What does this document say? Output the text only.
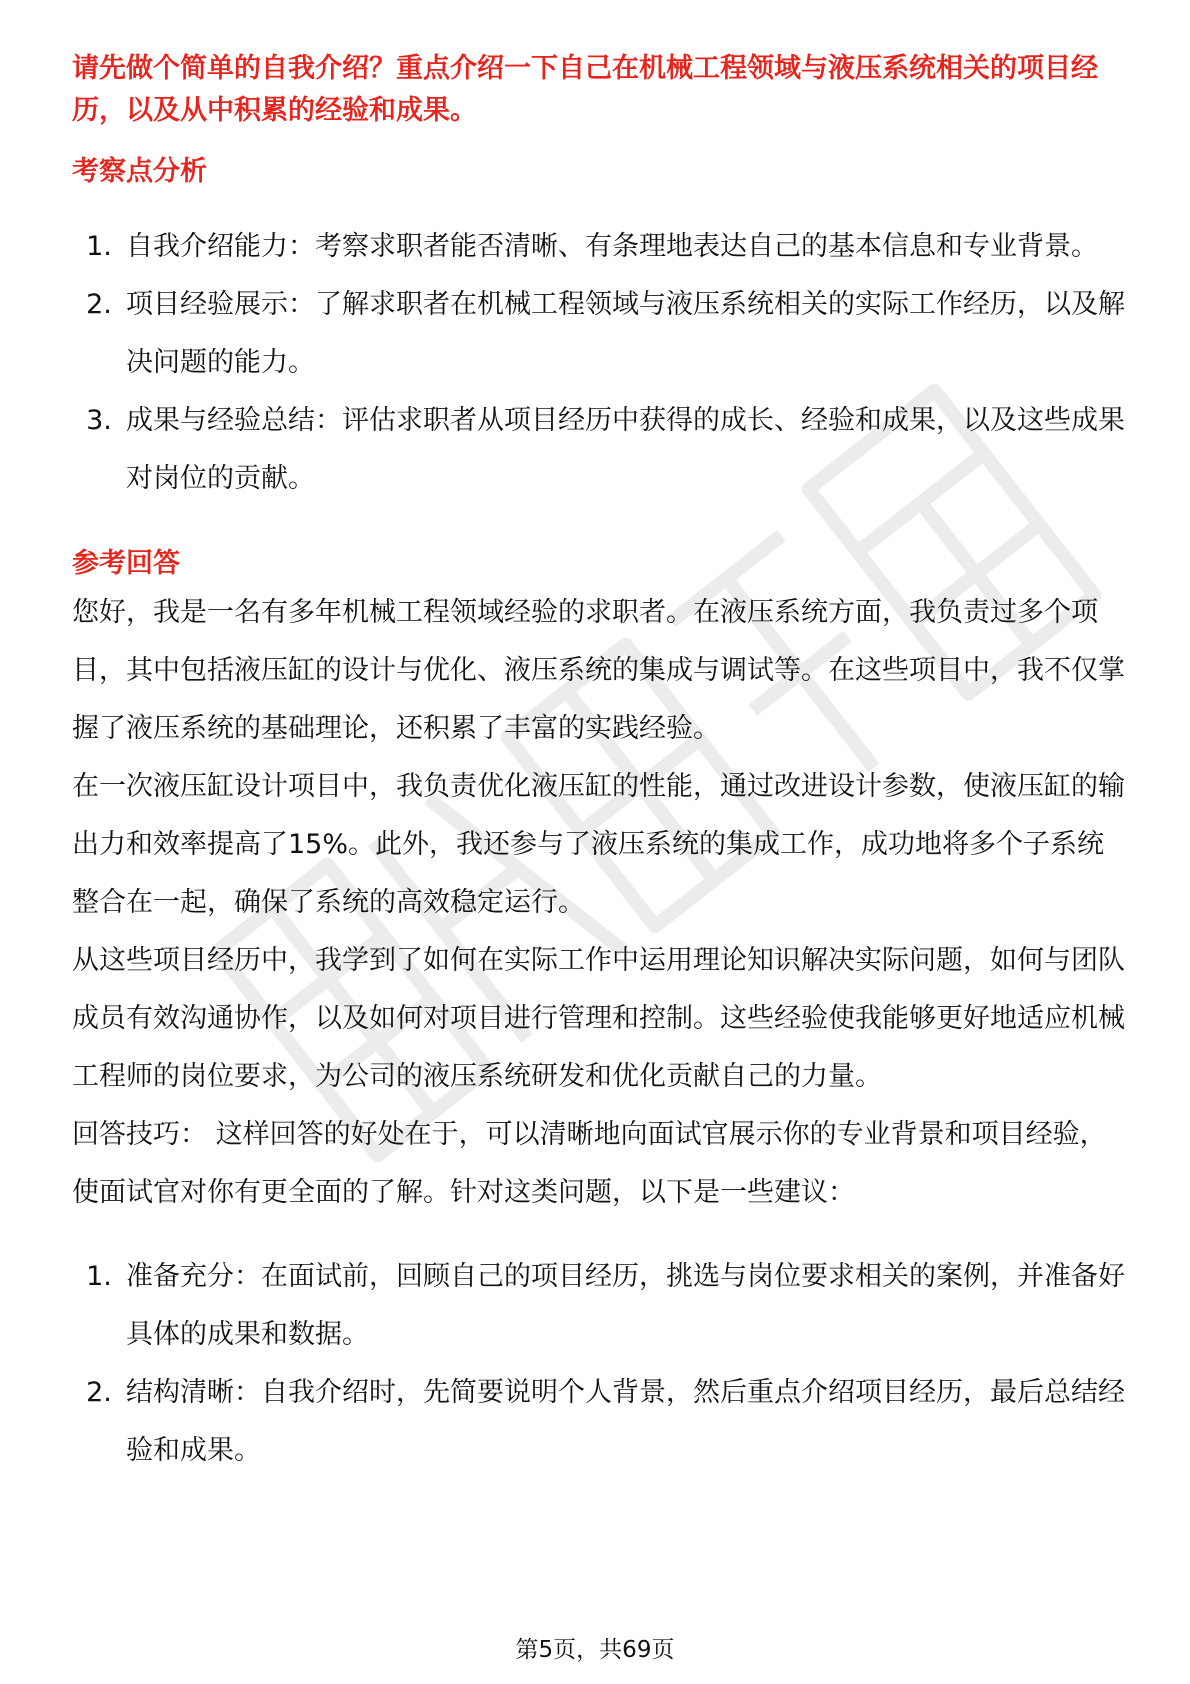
请先做个简单的自我介绍？重点介绍一下自己在机械工程领域与液压系统相关的项目经历，以及从中积累的经验和成果。

考察点分析
1. 自我介绍能力：考察求职者能否清晰、有条理地表达自己的基本信息和专业背景。
2. 项目经验展示：了解求职者在机械工程领域与液压系统相关的实际工作经历，以及解决问题的能力。
3. 成果与经验总结：评估求职者从项目经历中获得的成长、经验和成果，以及这些成果对岗位的贡献。
参考回答

您好，我是一名有多年机械工程领域经验的求职者。在液压系统方面，我负责过多个项目，其中包括液压缸的设计与优化、液压系统的集成与调试等。在这些项目中，我不仅掌握了液压系统的基础理论，还积累了丰富的实践经验。

在一次液压缸设计项目中，我负责优化液压缸的性能，通过改进设计参数，使液压缸的输出力和效率提高了15%。此外，我还参与了液压系统的集成工作，成功地将多个子系统整合在一起，确保了系统的高效稳定运行。

从这些项目经历中，我学到了如何在实际工作中运用理论知识解决实际问题，如何与团队成员有效沟通协作，以及如何对项目进行管理和控制。这些经验使我能够更好地适应机械工程师的岗位要求，为公司的液压系统研发和优化贡献自己的力量。

回答技巧： 这样回答的好处在于，可以清晰地向面试官展示你的专业背景和项目经验，使面试官对你有更全面的了解。针对这类问题，以下是一些建议：

1. 准备充分：在面试前，回顾自己的项目经历，挑选与岗位要求相关的案例，并准备好具体的成果和数据。
2. 结构清晰：自我介绍时，先简要说明个人背景，然后重点介绍项目经历，最后总结经验和成果。
第5页，共69页
